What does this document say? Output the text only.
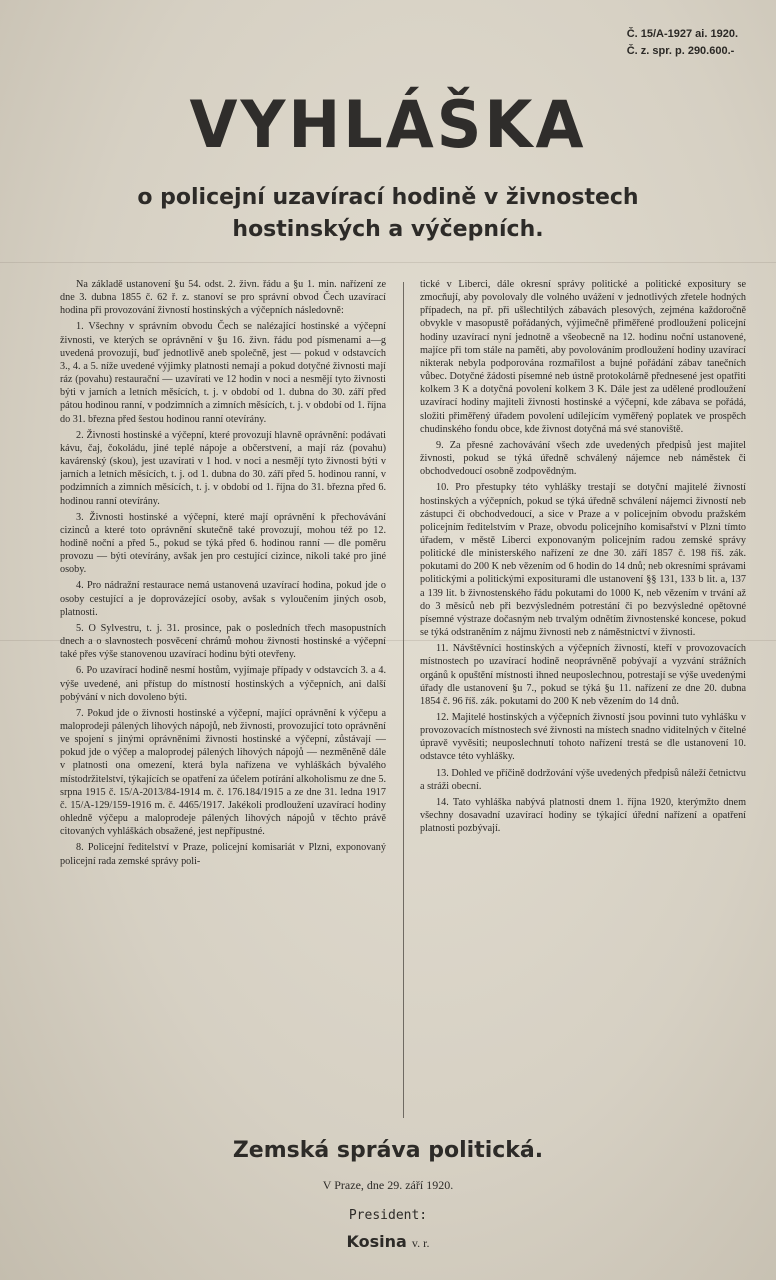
Č. 15/A-1927 ai. 1920.
Č. z. spr. p. 290.600.-
VYHLÁŠKA
o policejní uzavírací hodině v živnostech
hostinských a výčepních.

Na základě ustanovení §u 54. odst. 2. živn. řádu a §u 1. min. nařízení ze dne 3. dubna 1855 č. 62 ř. z. stanoví se pro správní obvod Čech uzavírací hodina při provozování živností hostinských a výčepních následovně:

1. Všechny v správním obvodu Čech se nalézající hostinské a výčepní živnosti, ve kterých se oprávnění v §u 16. živn. řádu pod písmenami a—g uvedená provozují, buď jednotlivě aneb společně, jest — pokud v odstavcích 3., 4. a 5. níže uvedené výjimky platnosti nemají a pokud dotyčné živnosti mají ráz (povahu) restaurační — uzavírati ve 12 hodin v noci a nesmějí tyto živnosti býti v jarních a letních měsících, t. j. v období od 1. dubna do 30. září před pátou hodinou ranní, v podzimních a zimních měsících, t. j. v období od 1. října do 31. března před šestou hodinou ranní otevírány.

2. Živnosti hostinské a výčepní, které provozují hlavně oprávnění: podávati kávu, čaj, čokoládu, jiné teplé nápoje a občerstvení, a mají ráz (povahu) kavárenský (skou), jest uzavírati v 1 hod. v noci a nesmějí tyto živnosti býti v jarních a letních měsících, t. j. od 1. dubna do 30. září před 5. hodinou ranní, v podzimních a zimních měsících, t. j. v období od 1. října do 31. března před 6. hodinou ranní otevírány.

3. Živnosti hostinské a výčepní, které mají oprávnění k přechovávání cizinců a které toto oprávnění skutečně také provozují, mohou též po 12. hodině noční a před 5., pokud se týká před 6. hodinou ranní — dle poměru provozu — býti otevírány, avšak jen pro cestující cizince, nikoli také pro jiné osoby.

4. Pro nádražní restaurace nemá ustanovená uzavírací hodina, pokud jde o osoby cestující a je doprovázející osoby, avšak s vyloučením jiných osob, platnosti.

5. O Sylvestru, t. j. 31. prosince, pak o posledních třech masopustních dnech a o slavnostech posvěcení chrámů mohou živnosti hostinské a výčepní také přes výše stanovenou uzavírací hodinu býti otevřeny.

6. Po uzavírací hodině nesmí hostům, vyjímaje případy v odstavcích 3. a 4. výše uvedené, ani přístup do místností hostinských a výčepních, ani další pobývání v nich dovoleno býti.

7. Pokud jde o živnosti hostinské a výčepní, mající oprávnění k výčepu a maloprodeji pálených lihových nápojů, neb živnosti, provozující toto oprávnění ve spojení s jinými oprávněními živnosti hostinské a výčepní, zůstávají — pokud jde o výčep a maloprodej pálených lihových nápojů — nezměněně dále v platnosti ona omezení, která byla nařízena ve vyhláškách bývalého místodržitelství, týkajících se opatření za účelem potírání alkoholismu ze dne 5. srpna 1915 č. 15/A-2013/84-1914 m. č. 176.184/1915 a ze dne 31. ledna 1917 č. 15/A-129/159-1916 m. č. 4465/1917. Jakékoli prodloužení uzavírací hodiny ohledně výčepu a maloprodeje pálených lihových nápojů v těchto právě citovaných vyhláškách obsažené, jest nepřípustné.

8. Policejní ředitelství v Praze, policejní komisariát v Plzni, exponovaný policejní rada zemské správy poli-

tické v Liberci, dále okresní správy politické a politické expositury se zmocňují, aby povolovaly dle volného uvážení v jednotlivých zřetele hodných případech, na př. při ušlechtilých zábavách plesových, zejména každoročně obvykle v masopustě pořádaných, výjimečně přiměřené prodloužení policejní hodiny uzavírací nyní jednotně a všeobecně na 12. hodinu noční ustanovené, majíce při tom stále na paměti, aby povolováním prodloužení hodiny uzavírací nikterak nebyla podporována rozmařilost a bujné pořádání zábav tanečních vůbec. Dotyčné žádosti písemné neb ústně protokolárně přednesené jest opatřiti kolkem 3 K a dotyčná povolení kolkem 3 K. Dále jest za udělené prodloužení uzavírací hodiny majiteli živnosti hostinské a výčepní, kde zábava se pořádá, složiti přiměřený úřadem povolení udílejícím vyměřený poplatek ve prospěch chudinského fondu obce, kde živnost dotyčná má své stanoviště.

9. Za přesné zachovávání všech zde uvedených předpisů jest majitel živnosti, pokud se týká úředně schválený nájemce neb náměstek či obchodvedoucí osobně zodpovědným.

10. Pro přestupky této vyhlášky trestají se dotyční majitelé živností hostinských a výčepních, pokud se týká úředně schválení nájemci živností neb zástupci či obchodvedoucí, a sice v Praze a v policejním obvodu pražském policejním ředitelstvím v Praze, obvodu policejního komisařství v Plzni tímto úřadem, v městě Liberci exponovaným policejním radou zemské správy politické dle ministerského nařízení ze dne 30. září 1857 č. 198 říš. zák. pokutami do 200 K neb vězením od 6 hodin do 14 dnů; neb okresními správami politickými a politickými expositurami dle ustanovení §§ 131, 133 b lit. a, 137 a 139 lit. b živnostenského řádu pokutami do 1000 K, neb vězením v trvání až do 3 měsíců neb při bezvýsledném potrestání či po bezvýsledné opětovné písemné výstraze dočasným neb trvalým odnětím živnostenské koncese, pokud se týká odstraněním z nájmu živnosti neb z náměstnictví v živnosti.

11. Návštěvníci hostinských a výčepních živností, kteří v provozovacích místnostech po uzavírací hodině neoprávněně pobývají a vyzvání strážních orgánů k opuštění místnosti ihned neuposlechnou, potrestají se výše uvedenými úřady dle ustanovení §u 7., pokud se týká §u 11. nařízení ze dne 20. dubna 1854 č. 96 říš. zák. pokutami do 200 K neb vězením do 14 dnů.

12. Majitelé hostinských a výčepních živností jsou povinni tuto vyhlášku v provozovacích místnostech své živnosti na místech snadno viditelných v čitelné úpravě vyvěsiti; neuposlechnutí tohoto nařízení trestá se dle ustanovení 10. odstavce této vyhlášky.

13. Dohled ve příčině dodržování výše uvedených předpisů náleží četnictvu a stráži obecní.

14. Tato vyhláška nabývá platnosti dnem 1. října 1920, kterýmžto dnem všechny dosavadní uzavírací hodiny se týkající úřední nařízení a opatření platnosti pozbývají.

Zemská správa politická.
V Praze, dne 29. září 1920.
President:
Kosina v. r.
